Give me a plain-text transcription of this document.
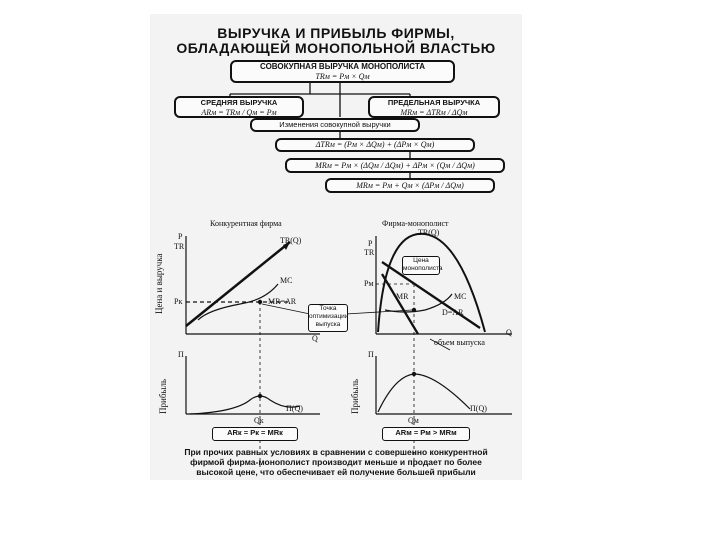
ВЫРУЧКА И ПРИБЫЛЬ ФИРМЫ,
ОБЛАДАЮЩЕЙ МОНОПОЛЬНОЙ ВЛАСТЬЮ
СОВОКУПНАЯ ВЫРУЧКА МОНОПОЛИСТА
TRм = Pм × Qм
СРЕДНЯЯ ВЫРУЧКА
ARм = TRм / Qм = Pм
ПРЕДЕЛЬНАЯ ВЫРУЧКА
MRм = ΔTRм / ΔQм
Изменения совокупной выручки
ΔTRм = (Pм × ΔQм) + (ΔPм × Qм)
MRм = Pм × (ΔQм / ΔQм) + ΔPм × (Qм / ΔQм)
MRм = Pм + Qм × (ΔPм / ΔQм)
Конкурентная фирма	Фирма-монополист
Цена и выручка
Прибыль	Прибыль
P
TR
TR(Q)
MC
Pк	MR=AR
Q
P
TR
TR(Q)
Pм
MR	MC
D=AR
Q
Точка оптимизации выпуска
Цена монополиста
объем выпуска
П
П(Q)
Qк
П
П(Q)
Qм
ARк = Pк = MRк	ARм = Pм > MRм
При прочих равных условиях в сравнении с совершенно конкурентной
фирмой фирма-монополист производит меньше и продает по более
высокой цене, что обеспечивает ей получение большей прибыли
